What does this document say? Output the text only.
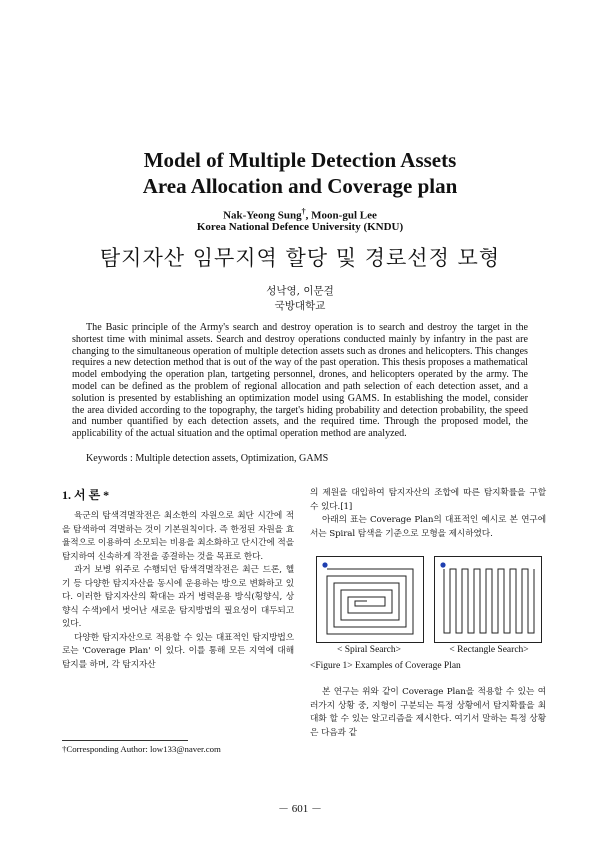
Model of Multiple Detection Assets
Area Allocation and Coverage plan
Nak-Yeong Sung†, Moon-gul Lee
Korea National Defence University (KNDU)
탐지자산 임무지역 할당 및 경로선정 모형
성낙영, 이문걸
국방대학교
The Basic principle of the Army's search and destroy operation is to search and destroy the target in the shortest time with minimal assets. Search and destroy operations conducted mainly by infantry in the past are changing to the simultaneous operation of multiple detection assets such as drones and helicopters. This changes requires a new detection method that is out of the way of the past operation. This thesis proposes a mathematical model embodying the operation plan, tartgeting personnel, drones, and helicopters operated by the army. The model can be defined as the problem of regional allocation and path selection of each detection asset, and a solution is presented by establishing an optimization model using GAMS. In establishing the model, consider the area divided according to the topography, the target's hiding probability and detection probability, the speed and number quantified by each detection assets, and the required time. Through the proposed model, the applicability of the actual situation and the optimal operation method are analyzed.
Keywords : Multiple detection assets, Optimization, GAMS
1. 서 론 *

육군의 탐색격멸작전은 최소한의 자원으로 최단 시간에 적을 탐색하여 격멸하는 것이 기본원칙이다. 즉 한정된 자원을 효율적으로 이용하여 소모되는 비용을 최소화하고 단시간에 적을 탐지하여 신속하게 작전을 종결하는 것을 목표로 한다.

과거 보병 위주로 수행되던 탐색격멸작전은 최근 드론, 헬기 등 다양한 탐지자산을 동시에 운용하는 방으로 변화하고 있다. 이러한 탐지자산의 확대는 과거 병력운용 방식(횡향식, 상향식 수색)에서 벗어난 새로운 탐지방법의 필요성이 대두되고 있다.

다양한 탐지자산으로 적용할 수 있는 대표적인 탐지방법으로는 'Coverage Plan' 이 있다. 이를 통해 모든 지역에 대해 탐지를 하며, 각 탐지자산

†Corresponding Author: low133@naver.com

의 제원을 대입하여 탐지자산의 조합에 따른 탐지확률을 구할 수 있다.[1]

아래의 표는 Coverage Plan의 대표적인 예시로 본 연구에서는 Spiral 탐색을 기준으로 모형을 제시하였다.

< Spiral Search>	< Rectangle Search>
<Figure 1> Examples of Coverage Plan

본 연구는 위와 같이 Coverage Plan을 적용할 수 있는 여러가지 상황 중, 지형이 구분되는 특정 상황에서 탐지확률을 최대화 할 수 있는 알고리즘을 제시한다. 여기서 말하는 특정 상황은 다음과 같

－ 601 －
